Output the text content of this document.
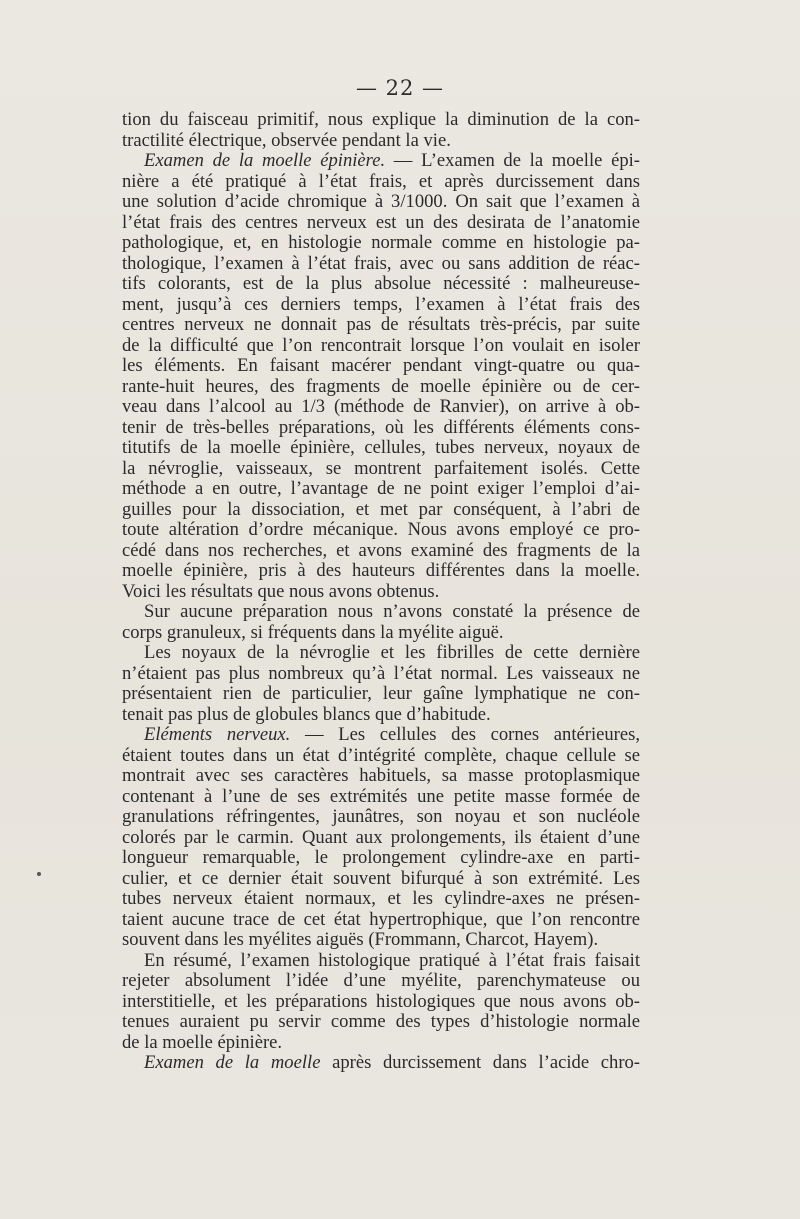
— 22 —

tion du faisceau primitif, nous explique la diminution de la con-

tractilité électrique, observée pendant la vie.

Examen de la moelle épinière. — L’examen de la moelle épi-

nière a été pratiqué à l’état frais, et après durcissement dans

une solution d’acide chromique à 3/1000. On sait que l’examen à

l’état frais des centres nerveux est un des desirata de l’anatomie

pathologique, et, en histologie normale comme en histologie pa-

thologique, l’examen à l’état frais, avec ou sans addition de réac-

tifs colorants, est de la plus absolue nécessité : malheureuse-

ment, jusqu’à ces derniers temps, l’examen à l’état frais des

centres nerveux ne donnait pas de résultats très-précis, par suite

de la difficulté que l’on rencontrait lorsque l’on voulait en isoler

les éléments. En faisant macérer pendant vingt-quatre ou qua-

rante-huit heures, des fragments de moelle épinière ou de cer-

veau dans l’alcool au 1/3 (méthode de Ranvier), on arrive à ob-

tenir de très-belles préparations, où les différents éléments cons-

titutifs de la moelle épinière, cellules, tubes nerveux, noyaux de

la névroglie, vaisseaux, se montrent parfaitement isolés. Cette

méthode a en outre, l’avantage de ne point exiger l’emploi d’ai-

guilles pour la dissociation, et met par conséquent, à l’abri de

toute altération d’ordre mécanique. Nous avons employé ce pro-

cédé dans nos recherches, et avons examiné des fragments de la

moelle épinière, pris à des hauteurs différentes dans la moelle.

Voici les résultats que nous avons obtenus.

Sur aucune préparation nous n’avons constaté la présence de

corps granuleux, si fréquents dans la myélite aiguë.

Les noyaux de la névroglie et les fibrilles de cette dernière

n’étaient pas plus nombreux qu’à l’état normal. Les vaisseaux ne

présentaient rien de particulier, leur gaîne lymphatique ne con-

tenait pas plus de globules blancs que d’habitude.

Eléments nerveux. — Les cellules des cornes antérieures,

étaient toutes dans un état d’intégrité complète, chaque cellule se

montrait avec ses caractères habituels, sa masse protoplasmique

contenant à l’une de ses extrémités une petite masse formée de

granulations réfringentes, jaunâtres, son noyau et son nucléole

colorés par le carmin. Quant aux prolongements, ils étaient d’une

longueur remarquable, le prolongement cylindre-axe en parti-

culier, et ce dernier était souvent bifurqué à son extrémité. Les

tubes nerveux étaient normaux, et les cylindre-axes ne présen-

taient aucune trace de cet état hypertrophique, que l’on rencontre

souvent dans les myélites aiguës (Frommann, Charcot, Hayem).

En résumé, l’examen histologique pratiqué à l’état frais faisait

rejeter absolument l’idée d’une myélite, parenchymateuse ou

interstitielle, et les préparations histologiques que nous avons ob-

tenues auraient pu servir comme des types d’histologie normale

de la moelle épinière.

Examen de la moelle après durcissement dans l’acide chro-
